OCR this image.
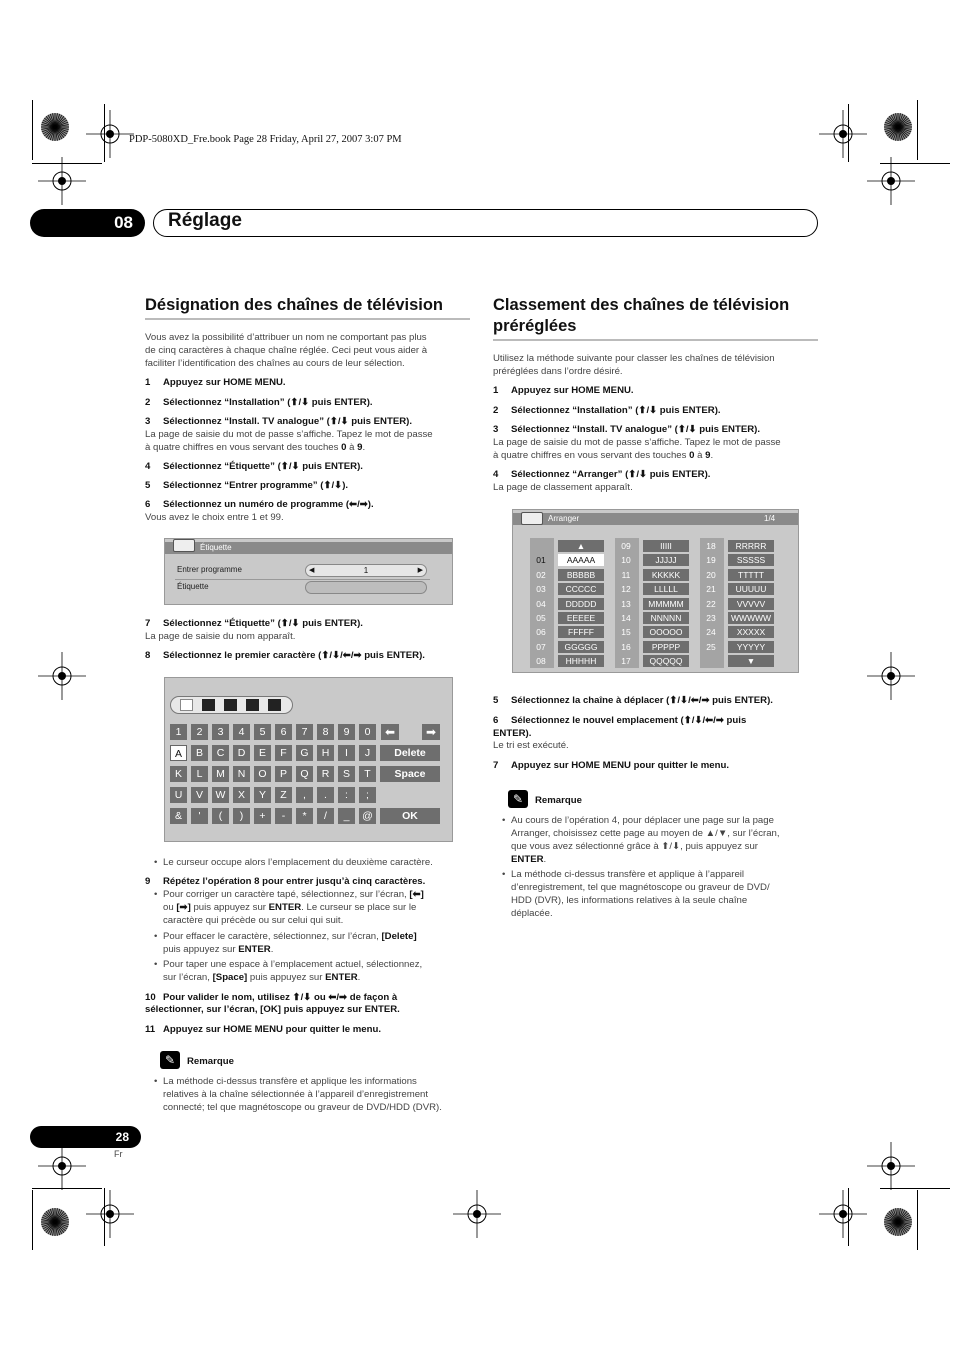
PDP-5080XD_Fre.book Page 28 Friday, April 27, 2007 3:07 PM
08	Réglage
Désignation des chaînes de télévision
Vous avez la possibilité d’attribuer un nom ne comportant pas plus
de cinq caractères à chaque chaîne réglée. Ceci peut vous aider à
faciliter l’identification des chaînes au cours de leur sélection.
1 Appuyez sur HOME MENU.
2 Sélectionnez “Installation” (⬆/⬇ puis ENTER).
3 Sélectionnez “Install. TV analogue” (⬆/⬇ puis ENTER).
La page de saisie du mot de passe s’affiche. Tapez le mot de passe
à quatre chiffres en vous servant des touches 0 à 9.
4 Sélectionnez “Étiquette” (⬆/⬇ puis ENTER).
5 Sélectionnez “Entrer programme” (⬆/⬇).
6 Sélectionnez un numéro de programme (⬅/➡).
Vous avez le choix entre 1 et 99.
Étiquette
Entrer programme	◀	1	▶
Étiquette
7 Sélectionnez “Étiquette” (⬆/⬇ puis ENTER).
La page de saisie du nom apparaît.
8 Sélectionnez le premier caractère (⬆/⬇/⬅/➡ puis ENTER).
1	2	3	4	5	6	7	8	9	0
A	B	C	D	E	F	G	H	I	J
K	L	M	N	O	P	Q	R	S	T
U	V	W	X	Y	Z	,	.	:	;
&	'	(	)	+	-	*	/	_	@
⬅	➡
Delete
Space
OK
• Le curseur occupe alors l’emplacement du deuxième caractère.
9 Répétez l’opération 8 pour entrer jusqu’à cinq caractères.
• Pour corriger un caractère tapé, sélectionnez, sur l’écran, [⬅]
ou [➡] puis appuyez sur ENTER. Le curseur se place sur le
caractère qui précède ou sur celui qui suit.
• Pour effacer le caractère, sélectionnez, sur l’écran, [Delete]
puis appuyez sur ENTER.
• Pour taper une espace à l’emplacement actuel, sélectionnez,
sur l’écran, [Space] puis appuyez sur ENTER.
10 Pour valider le nom, utilisez ⬆/⬇ ou ⬅/➡ de façon à
sélectionner, sur l’écran, [OK] puis appuyez sur ENTER.
11 Appuyez sur HOME MENU pour quitter le menu.
✎	Remarque
• La méthode ci-dessus transfère et applique les informations
relatives à la chaîne sélectionnée à l’appareil d’enregistrement
connecté; tel que magnétoscope ou graveur de DVD/HDD (DVR).
Classement des chaînes de télévision
préréglées
Utilisez la méthode suivante pour classer les chaînes de télévision
préréglées dans l’ordre désiré.
1 Appuyez sur HOME MENU.
2 Sélectionnez “Installation” (⬆/⬇ puis ENTER).
3 Sélectionnez “Install. TV analogue” (⬆/⬇ puis ENTER).
La page de saisie du mot de passe s’affiche. Tapez le mot de passe
à quatre chiffres en vous servant des touches 0 à 9.
4 Sélectionnez “Arranger” (⬆/⬇ puis ENTER).
La page de classement apparaît.
Arranger	1/4
▲
▼
01	AAAAA
02	BBBBB
03	CCCCC
04	DDDDD
05	EEEEE
06	FFFFF
07	GGGGG
08	HHHHH
09	IIIII
10	JJJJJ
11	KKKKK
12	LLLLL
13	MMMMM
14	NNNNN
15	OOOOO
16	PPPPP
17	QQQQQ
18	RRRRR
19	SSSSS
20	TTTTT
21	UUUUU
22	VVVVV
23	WWWWW
24	XXXXX
25	YYYYY
5 Sélectionnez la chaîne à déplacer (⬆/⬇/⬅/➡ puis ENTER).
6 Sélectionnez le nouvel emplacement (⬆/⬇/⬅/➡ puis
ENTER).
Le tri est exécuté.
7 Appuyez sur HOME MENU pour quitter le menu.
✎	Remarque
• Au cours de l’opération 4, pour déplacer une page sur la page
Arranger, choisissez cette page au moyen de ▲/▼, sur l’écran,
que vous avez sélectionné grâce à ⬆/⬇, puis appuyez sur
ENTER.
• La méthode ci-dessus transfère et applique à l’appareil
d’enregistrement, tel que magnétoscope ou graveur de DVD/
HDD (DVR), les informations relatives à la seule chaîne
déplacée.
28
Fr
